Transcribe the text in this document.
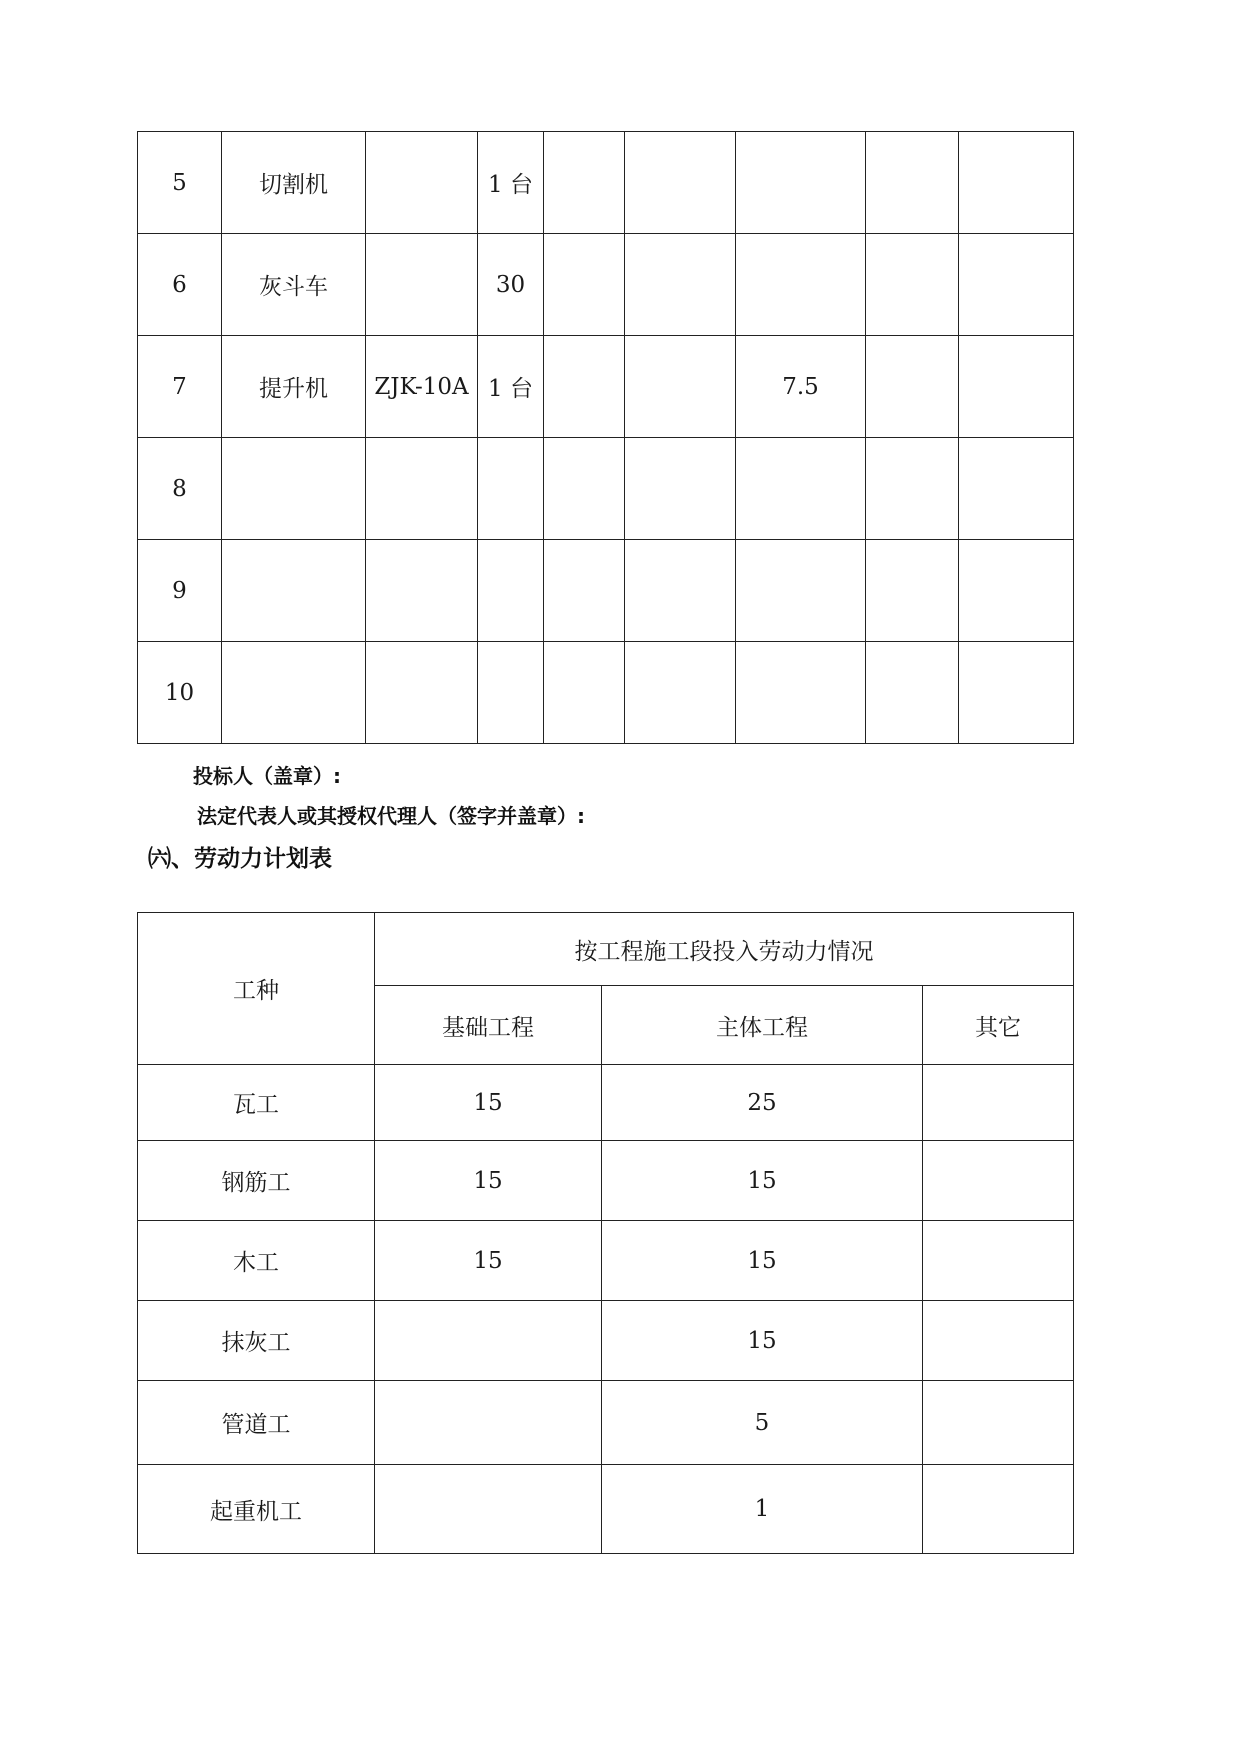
5	切割机		1 台					
6	灰斗车		30					
7	提升机	ZJK-10A	1 台			7.5		
8								
9								
10								
投标人（盖章）:
法定代表人或其授权代理人（签字并盖章）:
㈥、劳动力计划表
工种	按工程施工段投入劳动力情况		
	基础工程	主体工程	其它
瓦工	15	25	
钢筋工	15	15	
木工	15	15	
抹灰工		15	
管道工		5	
起重机工		1	
